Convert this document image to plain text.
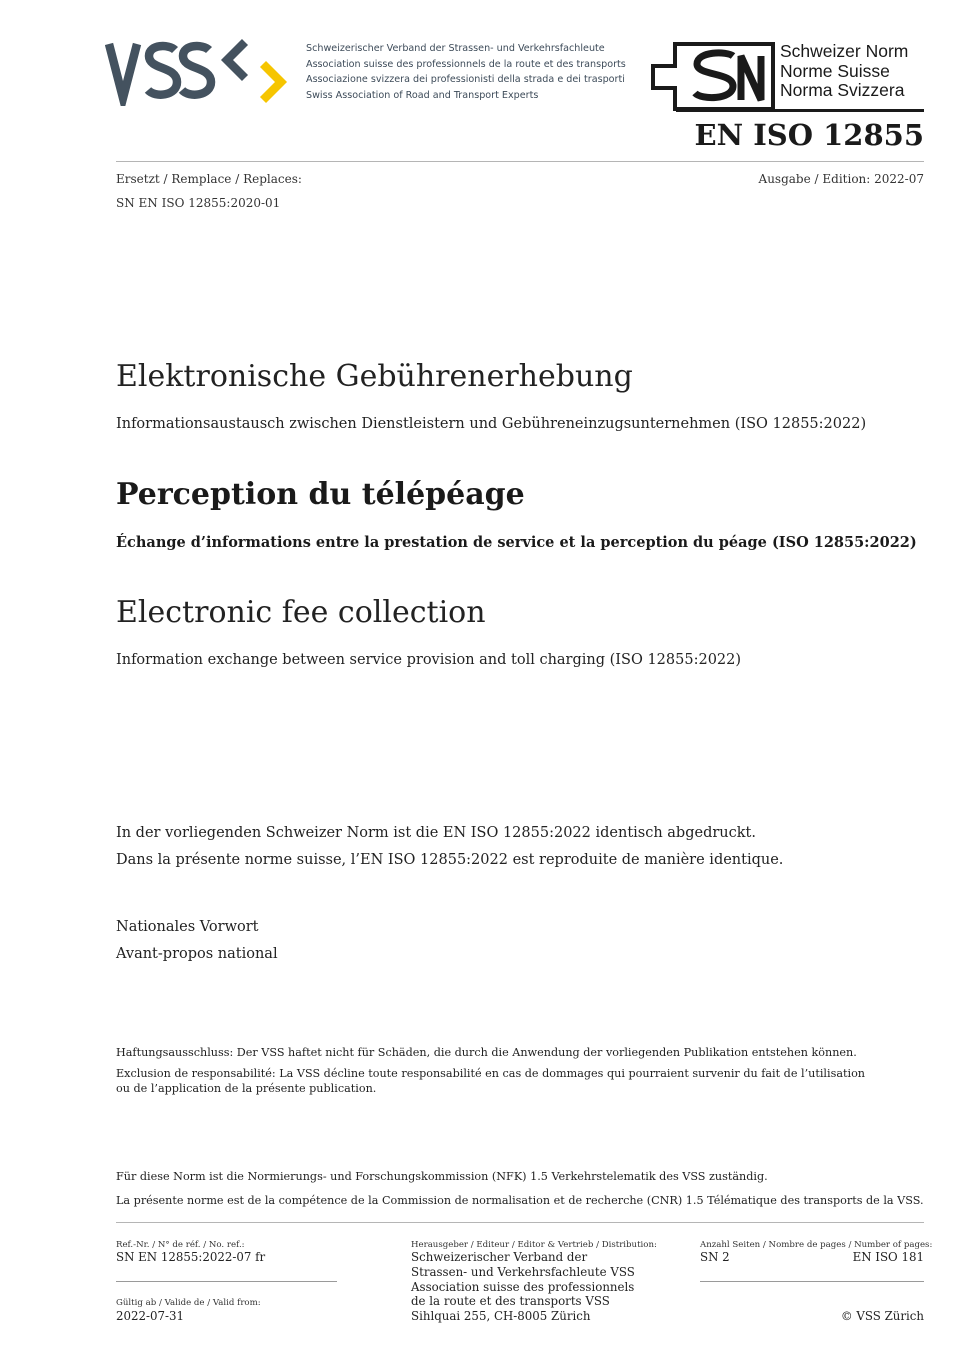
Schweizerischer Verband der Strassen- und Verkehrsfachleute
Association suisse des professionnels de la route et des transports
Associazione svizzera dei professionisti della strada e dei trasporti
Swiss Association of Road and Transport Experts
Schweizer Norm
Norme Suisse
Norma Svizzera
EN ISO 12855
Ersetzt / Remplace / Replaces:
SN EN ISO 12855:2020-01
Ausgabe / Edition: 2022-07
Elektronische Gebührenerhebung
Informationsaustausch zwischen Dienstleistern und Gebühreneinzugsunternehmen (ISO 12855:2022)
Perception du télépéage
Échange d’informations entre la prestation de service et la perception du péage (ISO 12855:2022)
Electronic fee collection
Information exchange between service provision and toll charging (ISO 12855:2022)
In der vorliegenden Schweizer Norm ist die EN ISO 12855:2022 identisch abgedruckt.
Dans la présente norme suisse, l’EN ISO 12855:2022 est reproduite de manière identique.
Nationales Vorwort
Avant-propos national
Haftungsausschluss: Der VSS haftet nicht für Schäden, die durch die Anwendung der vorliegenden Publikation entstehen können.
Exclusion de responsabilité: La VSS décline toute responsabilité en cas de dommages qui pourraient survenir du fait de l’utilisation
ou de l’application de la présente publication.
Für diese Norm ist die Normierungs- und Forschungskommission (NFK) 1.5 Verkehrstelematik des VSS zuständig.
La présente norme est de la compétence de la Commission de normalisation et de recherche (CNR) 1.5 Télématique des transports de la VSS.
Ref.-Nr. / N° de réf. / No. ref.:
SN EN 12855:2022-07 fr
Gültig ab / Valide de / Valid from:
2022-07-31
Herausgeber / Editeur / Editor & Vertrieb / Distribution:
Schweizerischer Verband der
Strassen- und Verkehrsfachleute VSS
Association suisse des professionnels
de la route et des transports VSS
Sihlquai 255, CH-8005 Zürich
Anzahl Seiten / Nombre de pages / Number of pages:
SN 2	EN ISO 181
© VSS Zürich
